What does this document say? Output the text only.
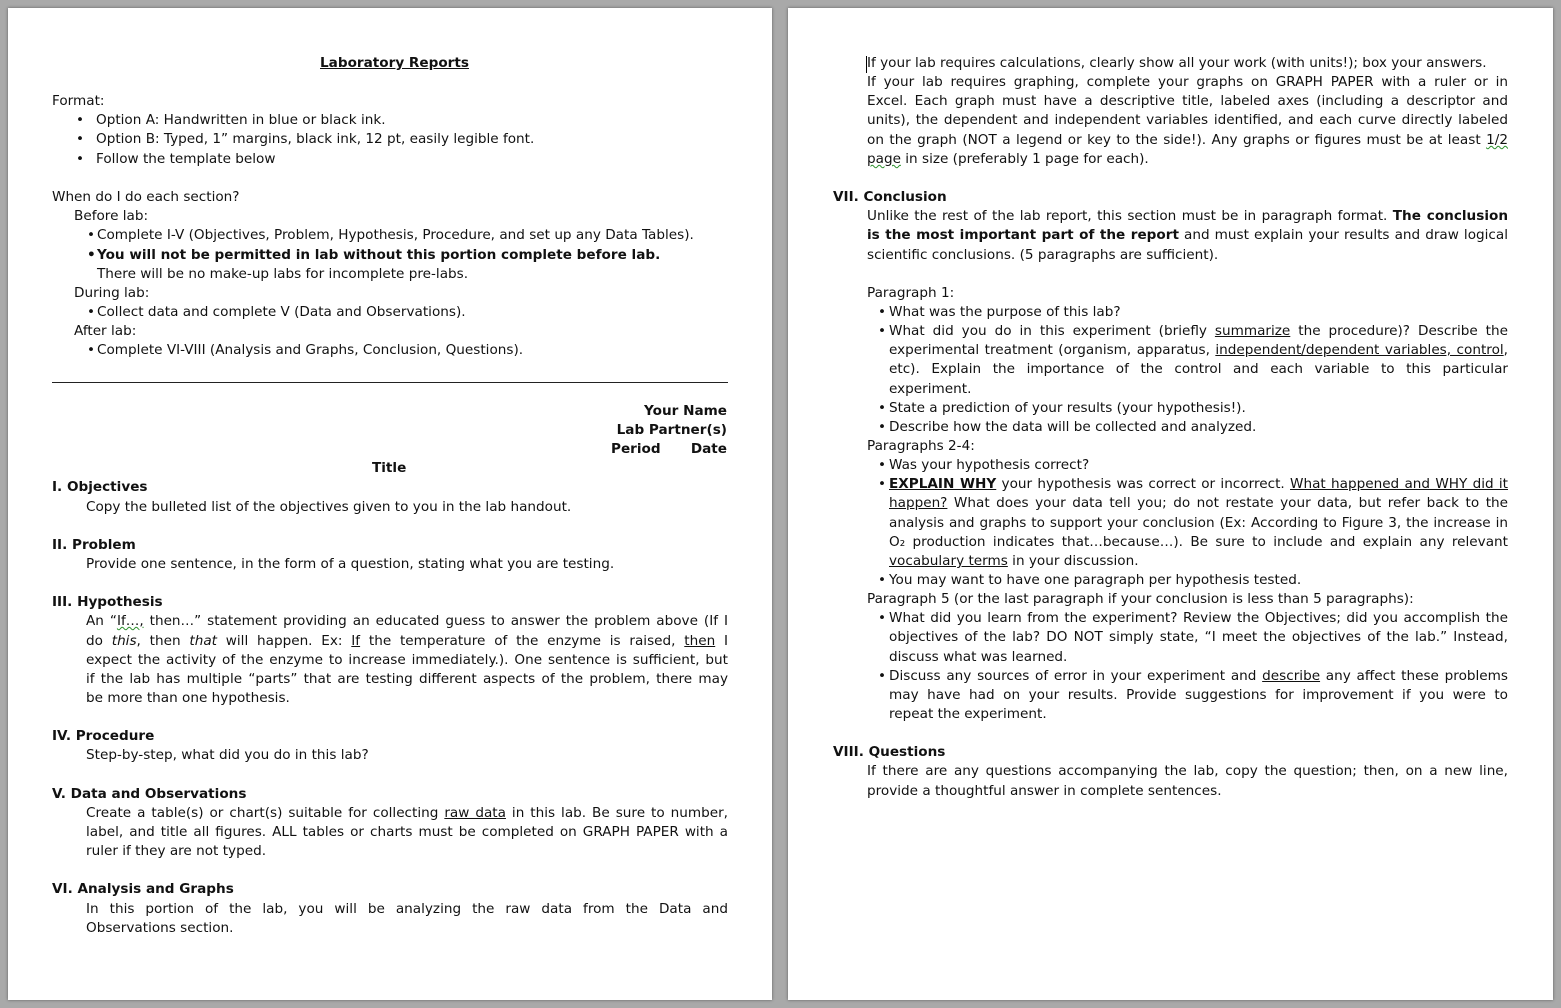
Laboratory Reports
Format:
• Option A: Handwritten in blue or black ink.
• Option B: Typed, 1” margins, black ink, 12 pt, easily legible font.
• Follow the template below
When do I do each section?
Before lab:
• Complete I-V (Objectives, Problem, Hypothesis, Procedure, and set up any Data Tables).
• You will not be permitted in lab without this portion complete before lab.
There will be no make-up labs for incomplete pre-labs.
During lab:
• Collect data and complete V (Data and Observations).
After lab:
• Complete VI-VIII (Analysis and Graphs, Conclusion, Questions).
Your Name
Lab Partner(s)
Period Date
Title
I. Objectives
Copy the bulleted list of the objectives given to you in the lab handout.
II. Problem
Provide one sentence, in the form of a question, stating what you are testing.
III. Hypothesis
An “If…, then…” statement providing an educated guess to answer the problem above (If I
do this, then that will happen. Ex: If the temperature of the enzyme is raised, then I
expect the activity of the enzyme to increase immediately.). One sentence is sufficient, but
if the lab has multiple “parts” that are testing different aspects of the problem, there may
be more than one hypothesis.
IV. Procedure
Step-by-step, what did you do in this lab?
V. Data and Observations
Create a table(s) or chart(s) suitable for collecting raw data in this lab. Be sure to number,
label, and title all figures. ALL tables or charts must be completed on GRAPH PAPER with a
ruler if they are not typed.
VI. Analysis and Graphs
In this portion of the lab, you will be analyzing the raw data from the Data and
Observations section.
If your lab requires calculations, clearly show all your work (with units!); box your answers.
If your lab requires graphing, complete your graphs on GRAPH PAPER with a ruler or in
Excel. Each graph must have a descriptive title, labeled axes (including a descriptor and
units), the dependent and independent variables identified, and each curve directly labeled
on the graph (NOT a legend or key to the side!). Any graphs or figures must be at least 1/2
page in size (preferably 1 page for each).
VII. Conclusion
Unlike the rest of the lab report, this section must be in paragraph format. The conclusion
is the most important part of the report and must explain your results and draw logical
scientific conclusions. (5 paragraphs are sufficient).
Paragraph 1:
• What was the purpose of this lab?
• What did you do in this experiment (briefly summarize the procedure)? Describe the
experimental treatment (organism, apparatus, independent/dependent variables, control,
etc). Explain the importance of the control and each variable to this particular
experiment.
• State a prediction of your results (your hypothesis!).
• Describe how the data will be collected and analyzed.
Paragraphs 2-4:
• Was your hypothesis correct?
• EXPLAIN WHY your hypothesis was correct or incorrect. What happened and WHY did it
happen? What does your data tell you; do not restate your data, but refer back to the
analysis and graphs to support your conclusion (Ex: According to Figure 3, the increase in
O₂ production indicates that…because…). Be sure to include and explain any relevant
vocabulary terms in your discussion.
• You may want to have one paragraph per hypothesis tested.
Paragraph 5 (or the last paragraph if your conclusion is less than 5 paragraphs):
• What did you learn from the experiment? Review the Objectives; did you accomplish the
objectives of the lab? DO NOT simply state, “I meet the objectives of the lab.” Instead,
discuss what was learned.
• Discuss any sources of error in your experiment and describe any affect these problems
may have had on your results. Provide suggestions for improvement if you were to
repeat the experiment.
VIII. Questions
If there are any questions accompanying the lab, copy the question; then, on a new line,
provide a thoughtful answer in complete sentences.
